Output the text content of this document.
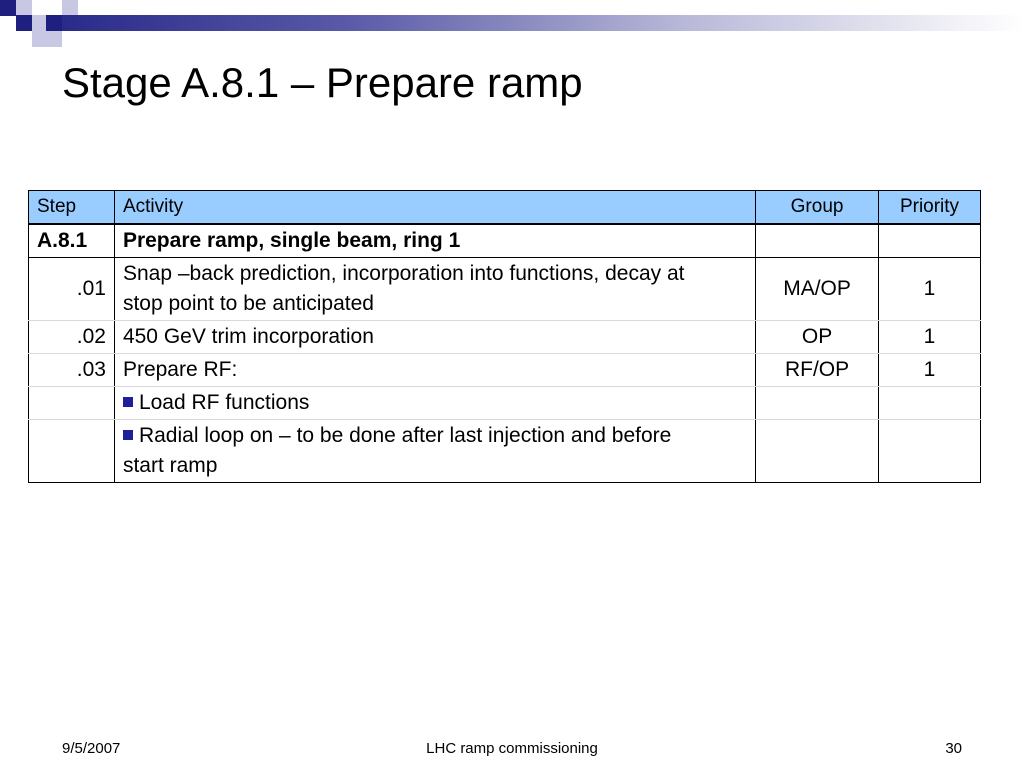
Stage A.8.1 – Prepare ramp
Step	Activity	Group	Priority
A.8.1	Prepare ramp, single beam, ring 1		
.01	Snap –back prediction, incorporation into functions, decay at stop point to be anticipated	MA/OP	1
.02	450 GeV trim incorporation	OP	1
.03	Prepare RF:	RF/OP	1
	Load RF functions		
	Radial loop on – to be done after last injection and before start ramp		
9/5/2007	LHC ramp commissioning	30
